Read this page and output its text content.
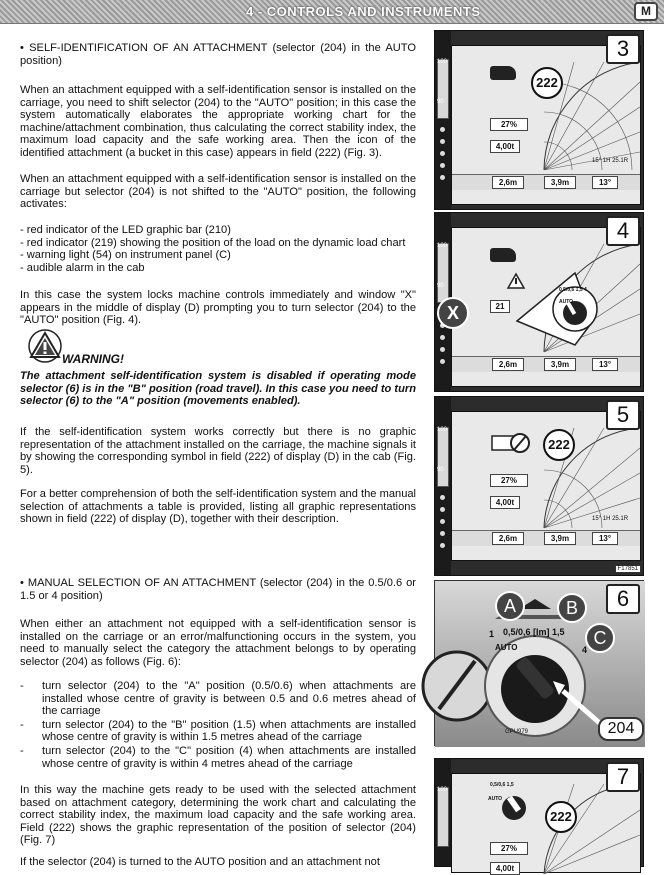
4 - CONTROLS AND INSTRUMENTS	M

• SELF-IDENTIFICATION OF AN ATTACHMENT (selector (204) in the AUTO position)

When an attachment equipped with a self-identification sensor is installed on the carriage, you need to shift selector (204) to the "AUTO" position; in this case the system automatically elaborates the appropriate working chart for the machine/attachment combination, thus calculating the correct stability index, the maximum load capacity and the safe working area. Then the icon of the identified attachment (a bucket in this case) appears in field (222) (Fig. 3).

When an attachment equipped with a self-identification sensor is installed on the carriage but selector (204) is not shifted to the "AUTO" position, the following activates:

- red indicator of the LED graphic bar (210)

- red indicator (219) showing the position of the load on the dynamic load chart

- warning light (54) on instrument panel (C)

- audible alarm in the cab

In this case the system locks machine controls immediately and window "X" appears in the middle of display (D) prompting you to turn selector (204) to the "AUTO" position (Fig. 4).

WARNING!

The attachment self-identification system is disabled if operating mode selector (6) is in the "B" position (road travel). In this case you need to turn selector (6) to the "A" position (movements enabled).

If the self-identification system works correctly but there is no graphic representation of the attachment installed on the carriage, the machine signals it by showing the corresponding symbol in field (222) of display (D) in the cab (Fig. 5).

For a better comprehension of both the self-identification system and the manual selection of attachments a table is provided, listing all graphic representations shown in field (222) of display (D), together with their description.

• MANUAL SELECTION OF AN ATTACHMENT (selector (204) in the 0.5/0.6 or 1.5 or 4 position)

When either an attachment not equipped with a self-identification sensor is installed on the carriage or an error/malfunctioning occurs in the system, you need to manually select the category the attachment belongs to by operating selector (204) as follows (Fig. 6):

- turn selector (204) to the "A" position (0.5/0.6) when attachments are installed whose centre of gravity is between 0.5 and 0.6 metres ahead of the carriage
- turn selector (204) to the "B" position (1.5) when attachments are installed whose centre of gravity is within 1.5 metres ahead of the carriage
- turn selector (204) to the "C" position (4) when attachments are installed whose centre of gravity is within 4 metres ahead of the carriage

In this way the machine gets ready to be used with the selected attachment based on attachment category, determining the work chart and calculating the correct stability index, the maximum load capacity and the safe working area. Field (222) shows the graphic representation of the position of selector (204) (Fig. 7)

If the selector (204) is turned to the AUTO position and an attachment not

100
90
3
27%
4,00t
15° 1H 25.1R
2,6m	3,9m	13°
222
100
90
4
21
2,6m	3,9m	13°
0,5/0,6 1,5 4
AUTO
X
100
90
5
27%
4,00t
15° 1H 25.1R
2,6m	3,9m	13°
222
F17851
6
0,5/0,6 [Im] 1,5
AUTO	4
1
GPU979
A	B
C
204
100
7
0,5/0,6 1,5
AUTO
27%
4,00t
222
